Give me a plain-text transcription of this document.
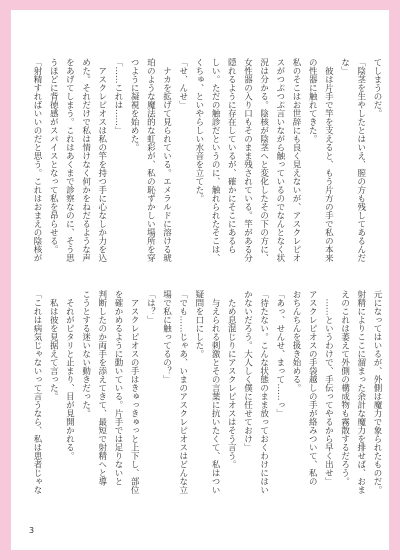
てしまうのだ。

「陰茎を生やしたとはいえ、膣の方も残してあるんだ

な」

　彼は片手で竿を支えると、もう片方の手で私の本来

の性器に触れてきた。

私のそこはお世辞にも良く見えないが、アスクレピオ

スがつぷつぷ言いながら触っているのでなんとなく状

況は分かる。陰核が陰茎へと変化したその下の方に、

女性器の入り口もそのまま残されている。竿がある分

隠れるように存在しているが、確かにそこにあるら

しい。ただの触診だというのに、触れられたそこは、

くちゅ、といやらしい水音を立てた。

「せ、んせ」

　ナカを拡げて見られている。エメラルドに溶ける琥

珀のような魔法的な虹彩が、私の恥ずかしい場所を穿

つように凝視を始めた。

「……これは……」

　アスクレピオスは私の竿を持つ手に心なしか力を込

めた。それだけで私は情けなく何かをねだるような声

をあげてしまう。これはあくまで診察なのに、そう思

うほどに背徳感がスパイスとなって私を昂らせる。

「射精すればいいのだと思う。これはおまえの陰核が

元になってはいるが、外側は魔力で象られたものだ。

射精によりここに溜まった余計な魔力を排せば、おま

えのこれは萎えて外側の構成物も霧散するだろう。

　……というわけで、手伝ってやるから早く出せ」

アスクレピオスの手袋越しの手が絡みついて、私の

おちんちんを扱き始める。

「あっ、せんせ、まって……っ」

「待たない。こんな状態のまま放っておくわけにはい

かないだろう。大人しく僕に任せておけ」

　ため息混じりにアスクレピオスはそう言う。

　与えられる刺激とその言葉に抗いたくて、私はつい

疑問を口にした。

「でも……じゃあ、いまのアスクレピオスはどんな立

場で私に触ってるの？」

「は？」

　アスクレピオスの手はきゅっきゅっと上下し、部位

を確かめるように動いている。片手では足りないと

判断したのか両手を添えてきて、最短で射精へと導

こうとする迷いない動きだった。

　それがピタリと止まり、目が見開かれる。

　私は彼を見据えて言った。

「これは病気じゃないって言うなら、私は患者じゃな

3
